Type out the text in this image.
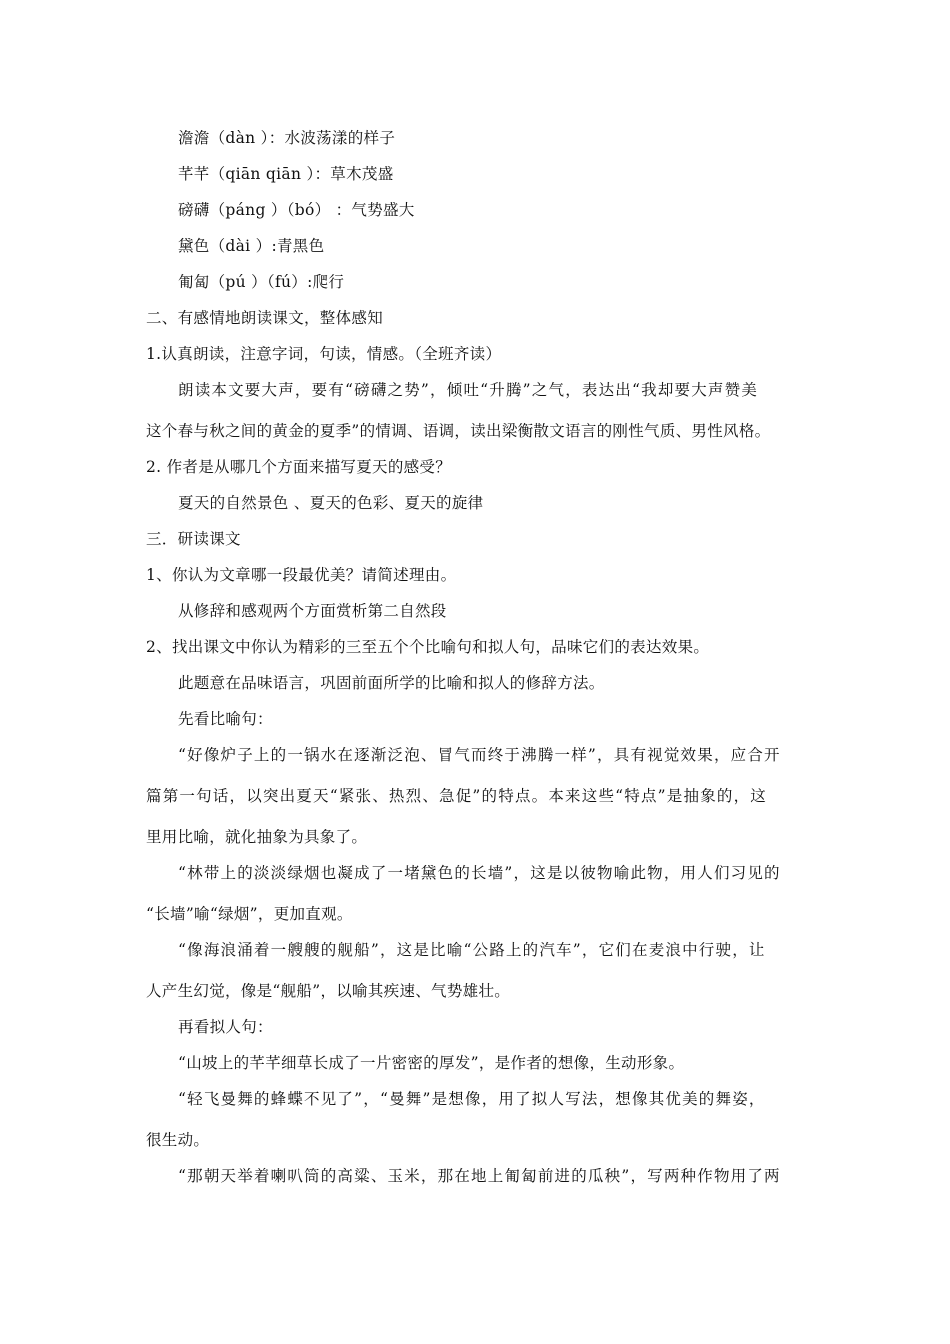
澹澹（dàn ）：水波荡漾的样子
芊芊（qiān qiān ）：草木茂盛
磅礴（páng ）（bó） ：气势盛大
黛色（dài ）:青黑色
匍匐（pú ）（fú）:爬行
二、有感情地朗读课文，整体感知
1.认真朗读，注意字词，句读，情感。（全班齐读）
朗读本文要大声，要有“磅礴之势”，倾吐“升腾”之气，表达出“我却要大声赞美
这个春与秋之间的黄金的夏季”的情调、语调，读出梁衡散文语言的刚性气质、男性风格。
2. 作者是从哪几个方面来描写夏天的感受？
夏天的自然景色 、夏天的色彩、夏天的旋律
三．研读课文
1、你认为文章哪一段最优美？请简述理由。
从修辞和感观两个方面赏析第二自然段
2、找出课文中你认为精彩的三至五个个比喻句和拟人句，品味它们的表达效果。
此题意在品味语言，巩固前面所学的比喻和拟人的修辞方法。
先看比喻句：
“好像炉子上的一锅水在逐渐泛泡、冒气而终于沸腾一样”，具有视觉效果，应合开
篇第一句话，以突出夏天“紧张、热烈、急促”的特点。本来这些“特点”是抽象的，这
里用比喻，就化抽象为具象了。
“林带上的淡淡绿烟也凝成了一堵黛色的长墙”，这是以彼物喻此物，用人们习见的
“长墙”喻“绿烟”，更加直观。
“像海浪涌着一艘艘的舰船”，这是比喻“公路上的汽车”，它们在麦浪中行驶，让
人产生幻觉，像是“舰船”，以喻其疾速、气势雄壮。
再看拟人句：
“山坡上的芊芊细草长成了一片密密的厚发”，是作者的想像，生动形象。
“轻飞曼舞的蜂蝶不见了”，“曼舞”是想像，用了拟人写法，想像其优美的舞姿，
很生动。
“那朝天举着喇叭筒的高粱、玉米，那在地上匍匐前进的瓜秧”，写两种作物用了两
